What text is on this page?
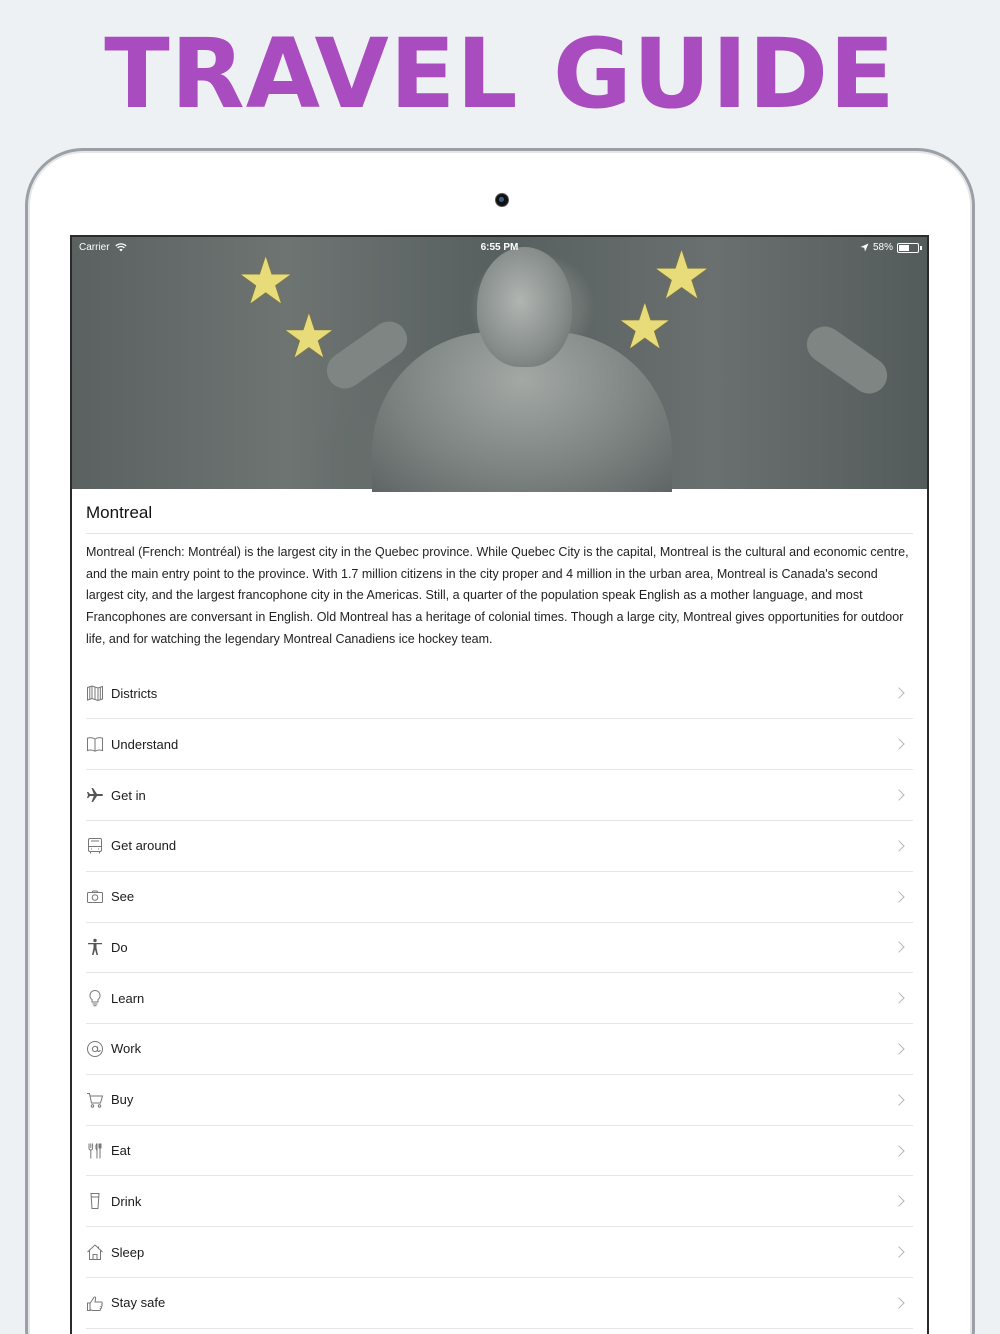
TRAVEL GUIDE
★
★
★
★
Carrier	6:55 PM	58%
Montreal

Montreal (French: Montréal) is the largest city in the Quebec province. While Quebec City is the capital, Montreal is the cultural and economic centre, and the main entry point to the province. With 1.7 million citizens in the city proper and 4 million in the urban area, Montreal is Canada's second largest city, and the largest francophone city in the Americas. Still, a quarter of the population speak English as a mother language, and most Francophones are conversant in English. Old Montreal has a heritage of colonial times. Though a large city, Montreal gives opportunities for outdoor life, and for watching the legendary Montreal Canadiens ice hockey team.

Districts
Understand
Get in
Get around
See
Do
Learn
Work
Buy
Eat
Drink
Sleep
Stay safe
